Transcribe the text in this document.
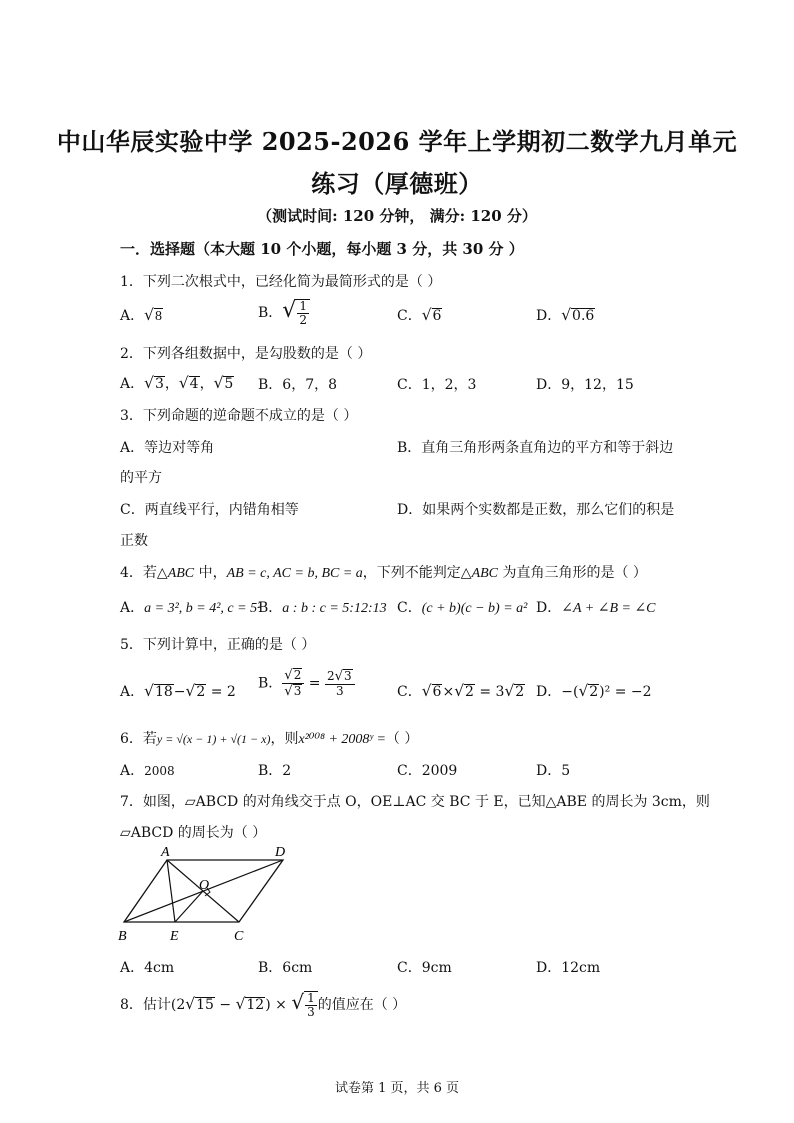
中山华辰实验中学 2025-2026 学年上学期初二数学九月单元
练习（厚德班）
（测试时间: 120 分钟， 满分: 120 分）
一．选择题（本大题 10 个小题，每小题 3 分，共 30 分 ）
1．下列二次根式中，已经化简为最简形式的是（ ）
A．√8	B．√ $\frac{1}{2}$	C．√6	D．√0.6
2．下列各组数据中，是勾股数的是（ ）
A．√3，√4，√5 B．6，7，8	C．1，2，3	D．9，12，15
3．下列命题的逆命题不成立的是（ ）
A．等边对等角	B．直角三角形两条直角边的平方和等于斜边
的平方
C．两直线平行，内错角相等	D．如果两个实数都是正数，那么它们的积是
正数
4．若△ABC 中，AB = c, AC = b, BC = a，下列不能判定△ABC 为直角三角形的是（ ）
A．a = 3², b = 4², c = 5²
B．a : b : c = 5:12:13 C．(c + b)(c − b) = a² D．∠A + ∠B = ∠C
5．下列计算中，正确的是（ ）
A．√18−√2 = 2
B． $\frac{√2}{√3} = \frac{2√3}{3}$	C．√6×√2 = 3√2 D．−(√2)² = −2
6．若y = √(x − 1) + √(1 − x)，则x²⁰⁰⁸ + 2008ʸ =（ ）
A．2008	B．2	C．2009	D．5
7．如图，▱ABCD 的对角线交于点 O，OE⊥AC 交 BC 于 E，已知△ABE 的周长为 3cm，则
▱ABCD 的周长为（ ）
A	D
O
B	E	C
A．4cm	B．6cm	C．9cm	D．12cm
8．估计(2√15 − √12) × √ $\frac{1}{3}$ 的值应在（ ）
试卷第 1 页，共 6 页
